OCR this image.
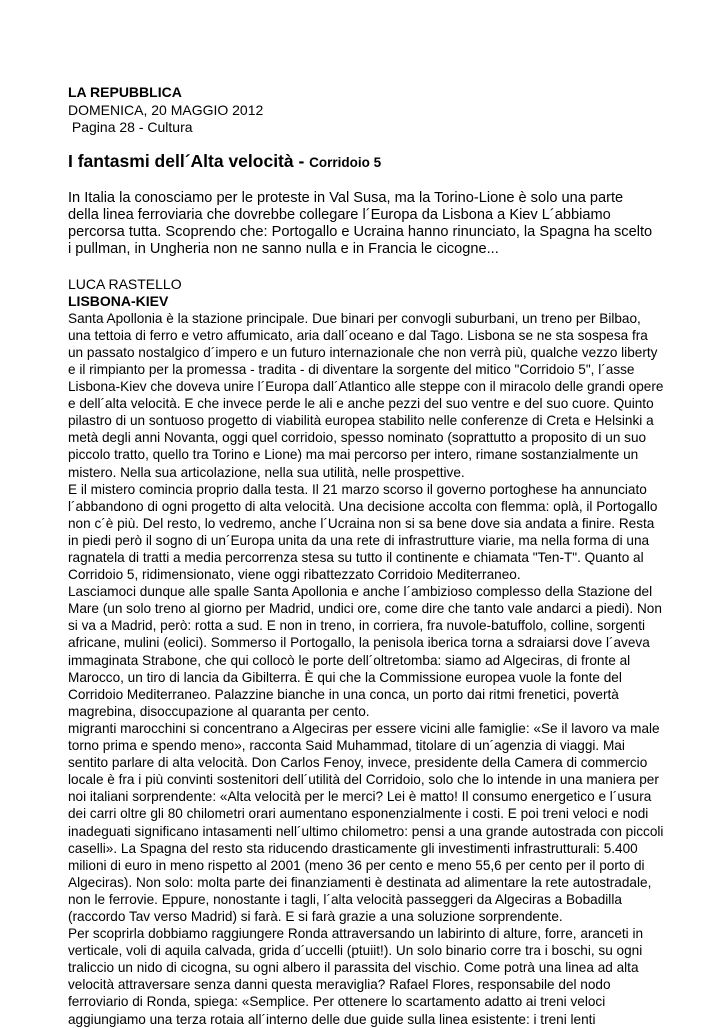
LA REPUBBLICA
DOMENICA, 20 MAGGIO 2012
Pagina 28 - Cultura
I fantasmi dell´Alta velocità - Corridoio 5
In Italia la conosciamo per le proteste in Val Susa, ma la Torino-Lione è solo una parte
della linea ferroviaria che dovrebbe collegare l´Europa da Lisbona a Kiev L´abbiamo
percorsa tutta. Scoprendo che: Portogallo e Ucraina hanno rinunciato, la Spagna ha scelto
i pullman, in Ungheria non ne sanno nulla e in Francia le cicogne...
LUCA RASTELLO
LISBONA-KIEV
Santa Apollonia è la stazione principale. Due binari per convogli suburbani, un treno per Bilbao,
una tettoia di ferro e vetro affumicato, aria dall´oceano e dal Tago. Lisbona se ne sta sospesa fra
un passato nostalgico d´impero e un futuro internazionale che non verrà più, qualche vezzo liberty
e il rimpianto per la promessa - tradita - di diventare la sorgente del mitico "Corridoio 5", l´asse
Lisbona-Kiev che doveva unire l´Europa dall´Atlantico alle steppe con il miracolo delle grandi opere
e dell´alta velocità. E che invece perde le ali e anche pezzi del suo ventre e del suo cuore. Quinto
pilastro di un sontuoso progetto di viabilità europea stabilito nelle conferenze di Creta e Helsinki a
metà degli anni Novanta, oggi quel corridoio, spesso nominato (soprattutto a proposito di un suo
piccolo tratto, quello tra Torino e Lione) ma mai percorso per intero, rimane sostanzialmente un
mistero. Nella sua articolazione, nella sua utilità, nelle prospettive.
E il mistero comincia proprio dalla testa. Il 21 marzo scorso il governo portoghese ha annunciato
l´abbandono di ogni progetto di alta velocità. Una decisione accolta con flemma: oplà, il Portogallo
non c´è più. Del resto, lo vedremo, anche l´Ucraina non si sa bene dove sia andata a finire. Resta
in piedi però il sogno di un´Europa unita da una rete di infrastrutture viarie, ma nella forma di una
ragnatela di tratti a media percorrenza stesa su tutto il continente e chiamata "Ten-T". Quanto al
Corridoio 5, ridimensionato, viene oggi ribattezzato Corridoio Mediterraneo.
Lasciamoci dunque alle spalle Santa Apollonia e anche l´ambizioso complesso della Stazione del
Mare (un solo treno al giorno per Madrid, undici ore, come dire che tanto vale andarci a piedi). Non
si va a Madrid, però: rotta a sud. E non in treno, in corriera, fra nuvole-batuffolo, colline, sorgenti
africane, mulini (eolici). Sommerso il Portogallo, la penisola iberica torna a sdraiarsi dove l´aveva
immaginata Strabone, che qui collocò le porte dell´oltretomba: siamo ad Algeciras, di fronte al
Marocco, un tiro di lancia da Gibilterra. È qui che la Commissione europea vuole la fonte del
Corridoio Mediterraneo. Palazzine bianche in una conca, un porto dai ritmi frenetici, povertà
magrebina, disoccupazione al quaranta per cento.
migranti marocchini si concentrano a Algeciras per essere vicini alle famiglie: «Se il lavoro va male
torno prima e spendo meno», racconta Said Muhammad, titolare di un´agenzia di viaggi. Mai
sentito parlare di alta velocità. Don Carlos Fenoy, invece, presidente della Camera di commercio
locale è fra i più convinti sostenitori dell´utilità del Corridoio, solo che lo intende in una maniera per
noi italiani sorprendente: «Alta velocità per le merci? Lei è matto! Il consumo energetico e l´usura
dei carri oltre gli 80 chilometri orari aumentano esponenzialmente i costi. E poi treni veloci e nodi
inadeguati significano intasamenti nell´ultimo chilometro: pensi a una grande autostrada con piccoli
caselli». La Spagna del resto sta riducendo drasticamente gli investimenti infrastrutturali: 5.400
milioni di euro in meno rispetto al 2001 (meno 36 per cento e meno 55,6 per cento per il porto di
Algeciras). Non solo: molta parte dei finanziamenti è destinata ad alimentare la rete autostradale,
non le ferrovie. Eppure, nonostante i tagli, l´alta velocità passeggeri da Algeciras a Bobadilla
(raccordo Tav verso Madrid) si farà. E si farà grazie a una soluzione sorprendente.
Per scoprirla dobbiamo raggiungere Ronda attraversando un labirinto di alture, forre, aranceti in
verticale, voli di aquila calvada, grida d´uccelli (ptuiit!). Un solo binario corre tra i boschi, su ogni
traliccio un nido di cicogna, su ogni albero il parassita del vischio. Come potrà una linea ad alta
velocità attraversare senza danni questa meraviglia? Rafael Flores, responsabile del nodo
ferroviario di Ronda, spiega: «Semplice. Per ottenere lo scartamento adatto ai treni veloci
aggiungiamo una terza rotaia all´interno delle due guide sulla linea esistente: i treni lenti
